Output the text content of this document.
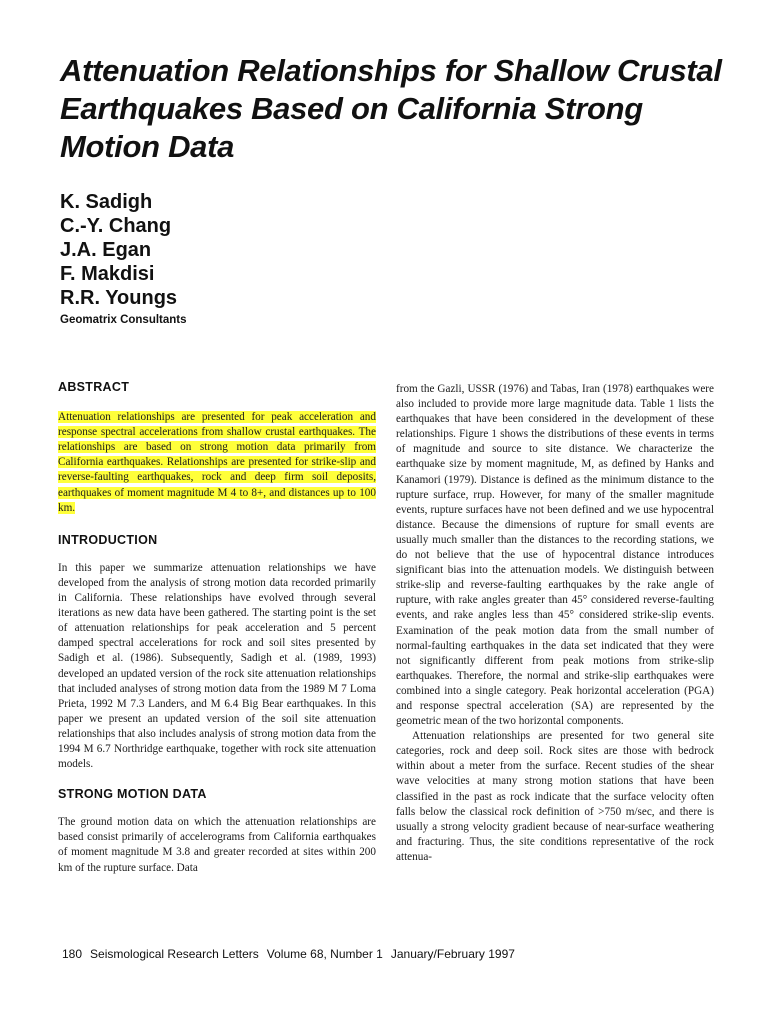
Attenuation Relationships for Shallow Crustal
Earthquakes Based on California Strong
Motion Data
K. Sadigh
C.-Y. Chang
J.A. Egan
F. Makdisi
R.R. Youngs
Geomatrix Consultants
ABSTRACT

Attenuation relationships are presented for peak acceleration and response spectral accelerations from shallow crustal earthquakes. The relationships are based on strong motion data primarily from California earthquakes. Relationships are presented for strike-slip and reverse-faulting earthquakes, rock and deep firm soil deposits, earthquakes of moment magnitude M 4 to 8+, and distances up to 100 km.

INTRODUCTION

In this paper we summarize attenuation relationships we have developed from the analysis of strong motion data recorded primarily in California. These relationships have evolved through several iterations as new data have been gathered. The starting point is the set of attenuation relationships for peak acceleration and 5 percent damped spectral accelerations for rock and soil sites presented by Sadigh et al. (1986). Subsequently, Sadigh et al. (1989, 1993) developed an updated version of the rock site attenuation relationships that included analyses of strong motion data from the 1989 M 7 Loma Prieta, 1992 M 7.3 Landers, and M 6.4 Big Bear earthquakes. In this paper we present an updated version of the soil site attenuation relationships that also includes analysis of strong motion data from the 1994 M 6.7 Northridge earthquake, together with rock site attenuation models.

STRONG MOTION DATA

The ground motion data on which the attenuation relationships are based consist primarily of accelerograms from California earthquakes of moment magnitude M 3.8 and greater recorded at sites within 200 km of the rupture surface. Data

from the Gazli, USSR (1976) and Tabas, Iran (1978) earthquakes were also included to provide more large magnitude data. Table 1 lists the earthquakes that have been considered in the development of these relationships. Figure 1 shows the distributions of these events in terms of magnitude and source to site distance. We characterize the earthquake size by moment magnitude, M, as defined by Hanks and Kanamori (1979). Distance is defined as the minimum distance to the rupture surface, rrup. However, for many of the smaller magnitude events, rupture surfaces have not been defined and we use hypocentral distance. Because the dimensions of rupture for small events are usually much smaller than the distances to the recording stations, we do not believe that the use of hypocentral distance introduces significant bias into the attenuation models. We distinguish between strike-slip and reverse-faulting earthquakes by the rake angle of rupture, with rake angles greater than 45° considered reverse-faulting events, and rake angles less than 45° considered strike-slip events. Examination of the peak motion data from the small number of normal-faulting earthquakes in the data set indicated that they were not significantly different from peak motions from strike-slip earthquakes. Therefore, the normal and strike-slip earthquakes were combined into a single category. Peak horizontal acceleration (PGA) and response spectral acceleration (SA) are represented by the geometric mean of the two horizontal components.

Attenuation relationships are presented for two general site categories, rock and deep soil. Rock sites are those with bedrock within about a meter from the surface. Recent studies of the shear wave velocities at many strong motion stations that have been classified in the past as rock indicate that the surface velocity often falls below the classical rock definition of >750 m/sec, and there is usually a strong velocity gradient because of near-surface weathering and fracturing. Thus, the site conditions representative of the rock attenua-

180 Seismological Research Letters Volume 68, Number 1 January/February 1997
